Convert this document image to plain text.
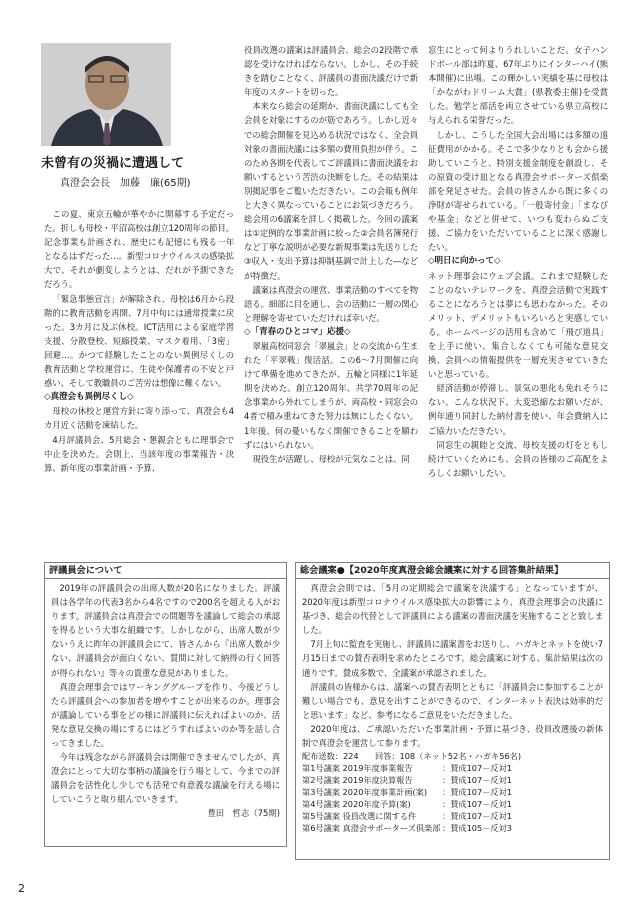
未曾有の災禍に遭遇して
真澄会会長　加藤　廉(65期)

この夏、東京五輪が華やかに開幕する予定だった。折しも母校・平沼高校は創立120周年の節目。記念事業も計画され、歴史にも記憶にも残る一年となるはずだった…。新型コロナウイルスの感染拡大で、それが劇変しようとは、だれが予測できただろう。

「緊急事態宣言」が解除され、母校は6月から段階的に教育活動を再開、7月中旬には通常授業に戻った。3カ月に及ぶ休校。ICT活用による家庭学習支援、分散登校、短縮授業、マスク着用、「3密」回避…。かつて経験したことのない異例尽くしの教育活動と学校運営に、生徒や保護者の不安と戸惑い、そして教職員のご苦労は想像に難くない。

◇真澄会も異例尽くし◇

母校の休校と運営方針に寄り添って、真澄会も4カ月近く活動を凍結した。

4月評議員会、5月総会・懇親会ともに理事会で中止を決めた。会則上、当該年度の事業報告・決算、新年度の事業計画・予算、

役員改選の議案は評議員会、総会の2段階で承認を受けなければならない。しかし、その手続きを踏むことなく、評議員の書面決議だけで新年度のスタートを切った。

本来なら総会の延期か、書面決議にしても全会員を対象にするのが筋であろう。しかし近々での総会開催を見込める状況ではなく、全会員対象の書面決議には多額の費用負担が伴う。このため各期を代表してご評議員に書面決議をお願いするという苦渋の決断をした。その結果は別掲記事をご覧いただきたい。この会報も例年と大きく異なっていることにお気づきだろう。総会用の6議案を詳しく掲載した。今回の議案は①定例的な事業計画に絞った②会員名簿発行など丁寧な説明が必要な新規事業は先送りした③収入・支出予算は抑制基調で計上した―などが特徴だ。

議案は真澄会の運営、事業活動のすべてを物語る。細部に目を通し、会の活動に一層の関心と理解を寄せていただければ幸いだ。

◇「青春のひとコマ」応援◇

翠嵐高校同窓会「翠嵐会」との交流から生まれた「平翠戦」復活話。この6～7月開催に向けて準備を進めてきたが、五輪と同様に1年延期を決めた。創立120周年、共学70周年の記念事業から外れてしまうが、両高校・同窓会の4者で積み重ねてきた努力は無にしたくない。1年後、何の憂いもなく開催できることを願わずにはいられない。

現役生が活躍し、母校が元気なことは、同

窓生にとって何よりうれしいことだ。女子ハンドボール部は昨夏、67年ぶりにインターハイ(熊本開催)に出場。この輝かしい実績を基に母校は「かながわドリーム大賞」(県教委主催)を受賞した。勉学と部活を両立させている県立高校に与えられる栄誉だった。

しかし、こうした全国大会出場には多額の遠征費用がかかる。そこで多少なりとも会から援助していこうと、特別支援金制度を創設し、その原資の受け皿となる真澄会サポーターズ倶楽部を発足させた。会員の皆さんから既に多くの浄財が寄せられている。「一般寄付金」「まなびや基金」などと併せて、いつも変わらぬご支援、ご協力をいただいていることに深く感謝したい。

◇明日に向かって◇

ネット理事会にウェブ会議。これまで経験したことのないテレワークを、真澄会活動で実践することになろうとは夢にも思わなかった。そのメリット、デメリットもいろいろと実感している。ホームページの活用も含めて「飛び道具」を上手に使い、集合しなくても可能な意見交換、会員への情報提供を一層充実させていきたいと思っている。

経済活動が停滞し、景気の悪化も免れそうにない。こんな状況下、大変恐縮なお願いだが、例年通り同封した納付書を使い、年会費納入にご協力いただきたい。

同窓生の親睦と交流、母校支援の灯をともし続けていくためにも、会員の皆様のご高配をよろしくお願いしたい。

評議員会について

2019年の評議員会の出席人数が20名になりました。評議員は各学年の代表3名から4名ですので200名を超える人がおります。評議員会は真澄会での問題等を議論して総会の承認を得るという大事な組織です。しかしながら、出席人数が少ないうえに昨年の評議員会にて、皆さんから『出席人数が少ない、評議員会が面白くない、質問に対して納得の行く回答が得られない』等々の貴重な意見がありました。

真澄会理事会ではワーキンググループを作り、今後どうしたら評議員会への参加者を増やすことが出来るのか。理事会が議論している事をどの様に評議員に伝えればよいのか、活発な意見交換の場にするにはどうすればよいのか等を話し合ってきました。

今年は残念ながら評議員会は開催できませんでしたが、真澄会にとって大切な事柄の議論を行う場として、今までの評議員会を活性化し少しでも活発で有意義な議論を行える場にしていこうと取り組んでいきます。

豊田　哲志（75期)
総会議案●【2020年度真澄会総会議案に対する回答集計結果】

真澄会会則では、「5月の定期総会で議案を決議する」となっていますが、2020年度は新型コロナウイルス感染拡大の影響により、真澄会理事会の決議に基づき、総会の代替として評議員による議案の書面決議を実施することと致しました。

7月上旬に監査を実施し、評議員に議案書をお送りし、ハガキとネットを使い7月15日までの賛否表明を求めたところです。総会議案に対する、集計結果は次の通りです。賛成多数で、全議案が承認されました。

評議員の皆様からは、議案への賛否表明とともに「評議員会に参加することが難しい場合でも、意見を出すことができるので、インターネット表決は効率的だと思います」など、参考になるご意見をいただきました。

2020年度は、ご承認いただいた事業計画・予算に基づき、役員改選後の新体制で真澄会を運営して参ります。

配布送数：224　　回答：108（ネット52名・ハガキ56名)
第1号議案 2019年度事業報告	：賛成107－反対1
第2号議案 2019年度決算報告	：賛成107－反対1
第3号議案 2020年度事業計画(案)	：賛成107－反対1
第4号議案 2020年度予算(案)	：賛成107－反対1
第5号議案 役員改選に関する件	：賛成107－反対1
第6号議案 真澄会サポーターズ倶楽部 ：賛成105－反対3
2
